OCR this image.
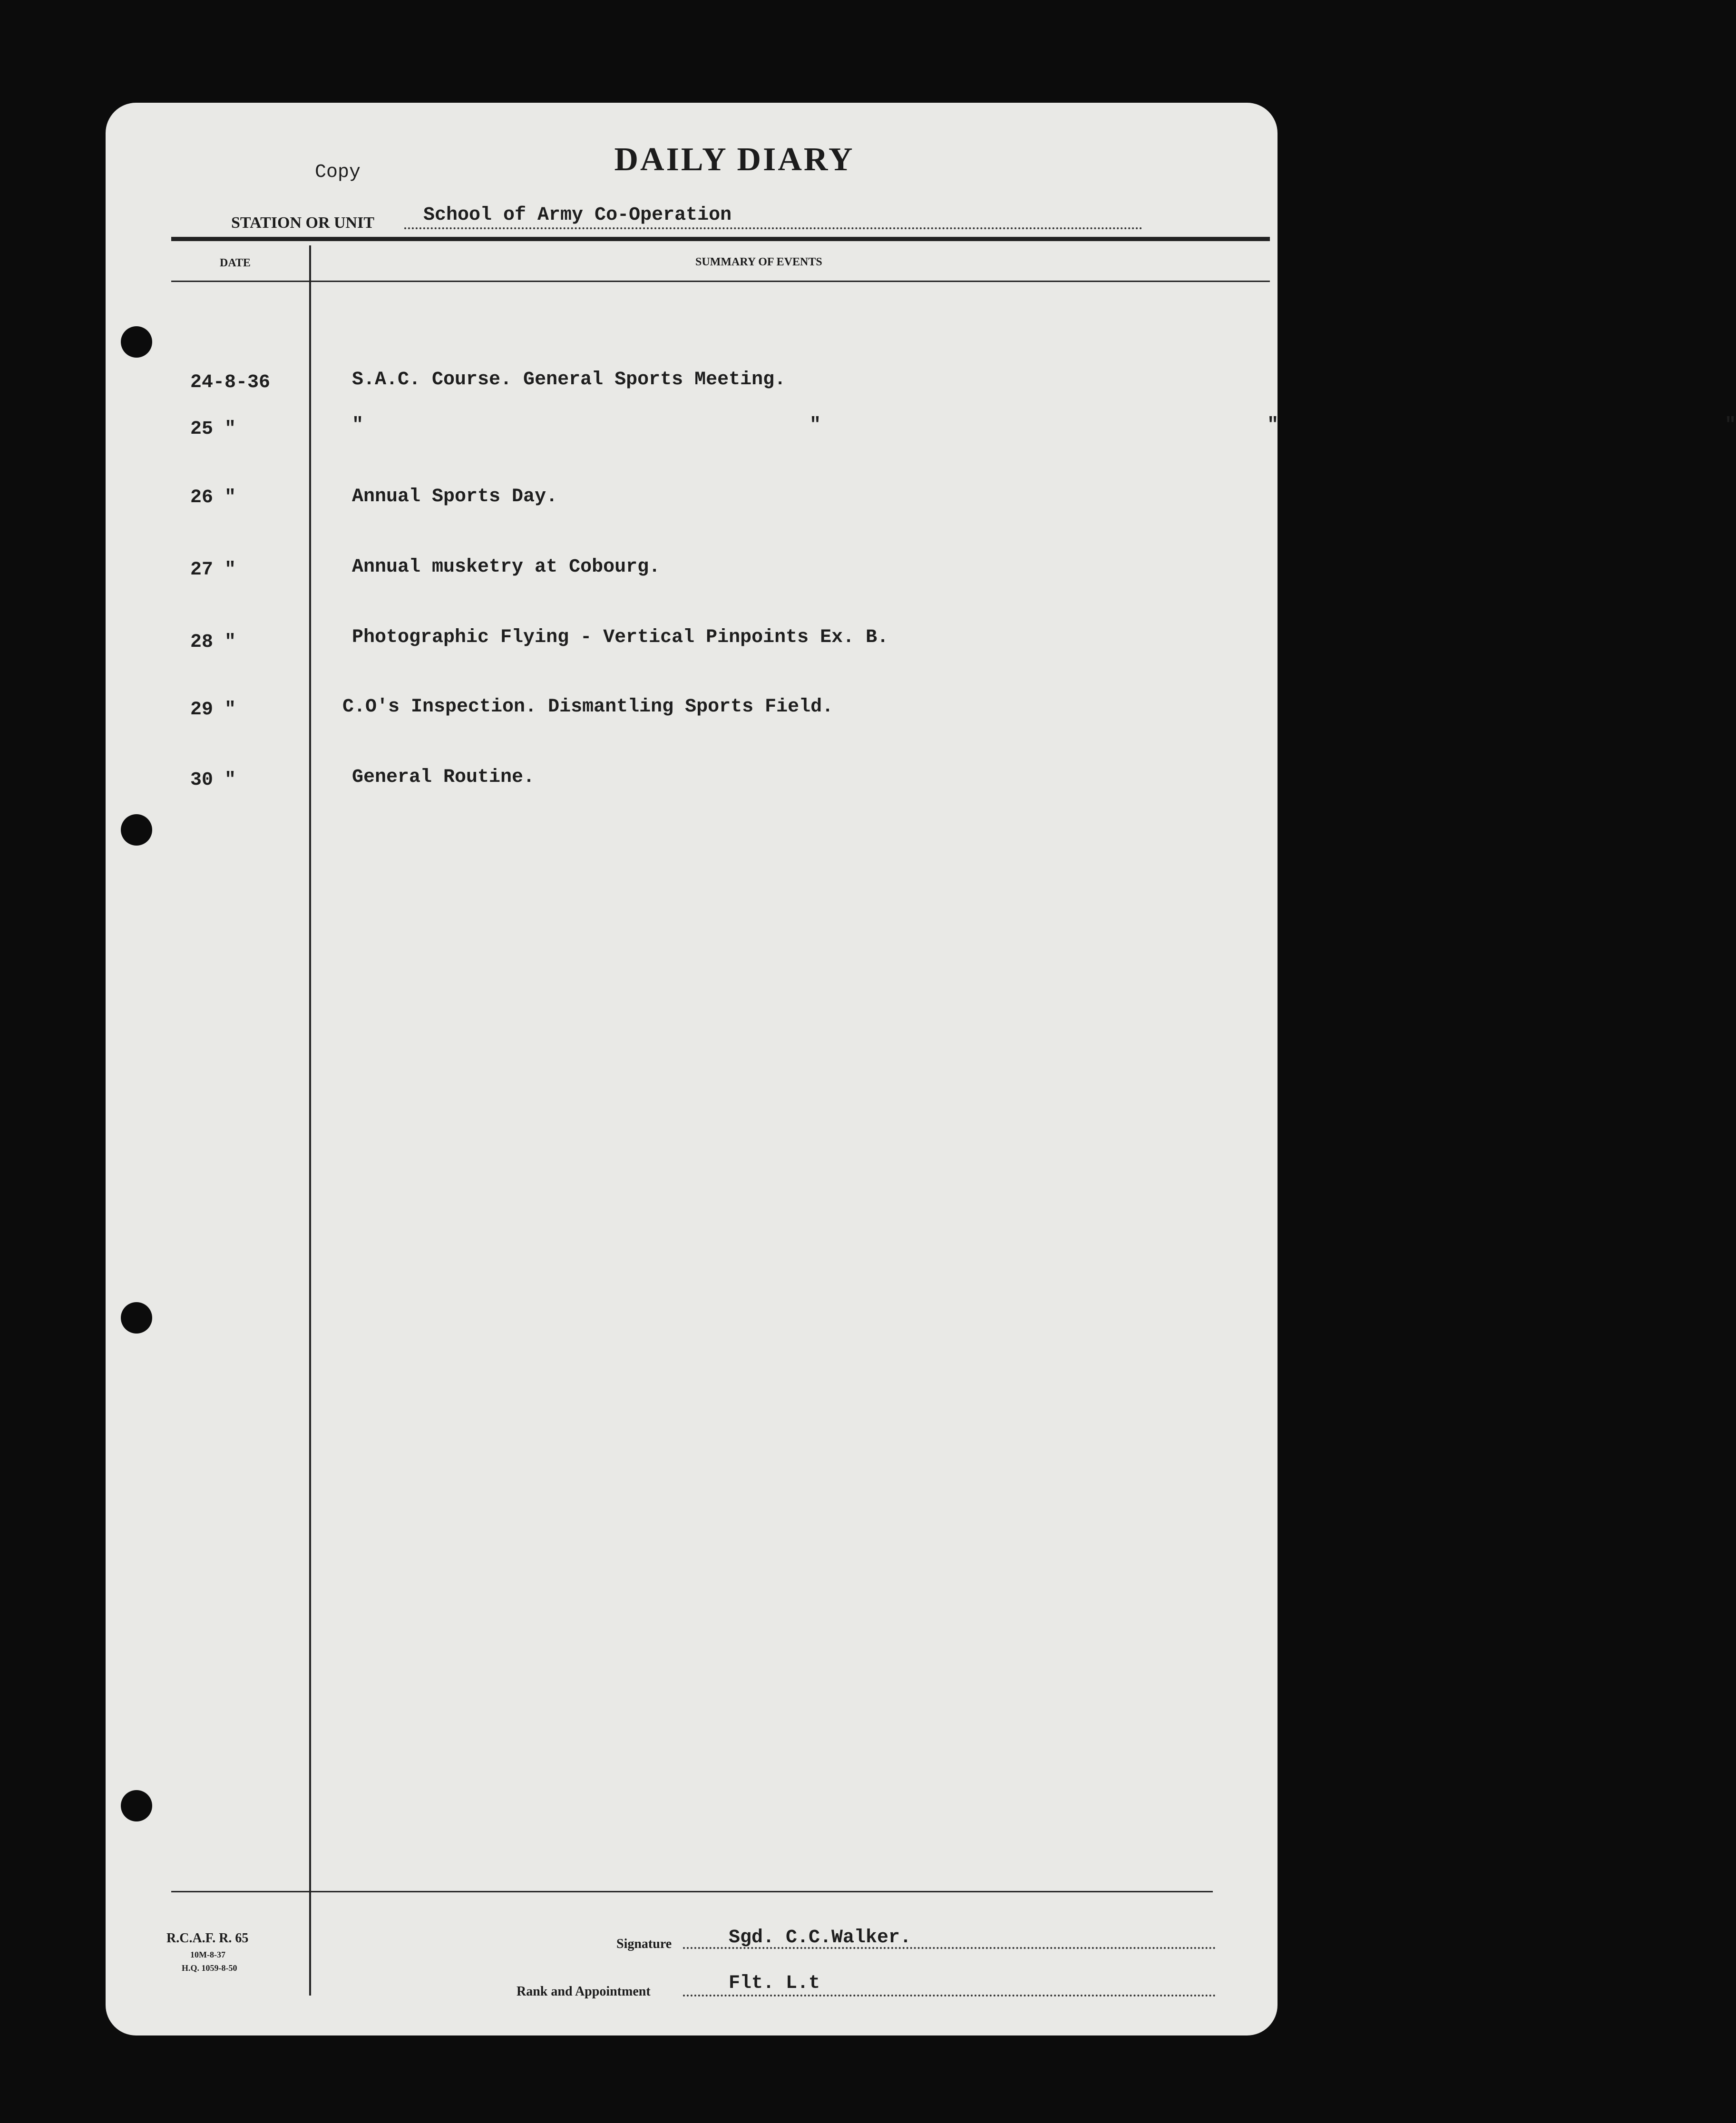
Copy	DAILY DIARY
STATION OR UNIT	School of Army Co-Operation
DATE	SUMMARY OF EVENTS
24-8-36	S.A.C. Course. General Sports Meeting.
25 "	"       "       "       "
26 "	Annual Sports Day.
27 "	Annual musketry at Cobourg.
28 "	Photographic Flying - Vertical Pinpoints Ex. B.
29 "	C.O's Inspection. Dismantling Sports Field.
30 "	General Routine.
R.C.A.F. R. 65
10M-8-37
H.Q. 1059-8-50
Signature	Sgd. C.C.Walker.
Rank and Appointment	Flt. L.t
